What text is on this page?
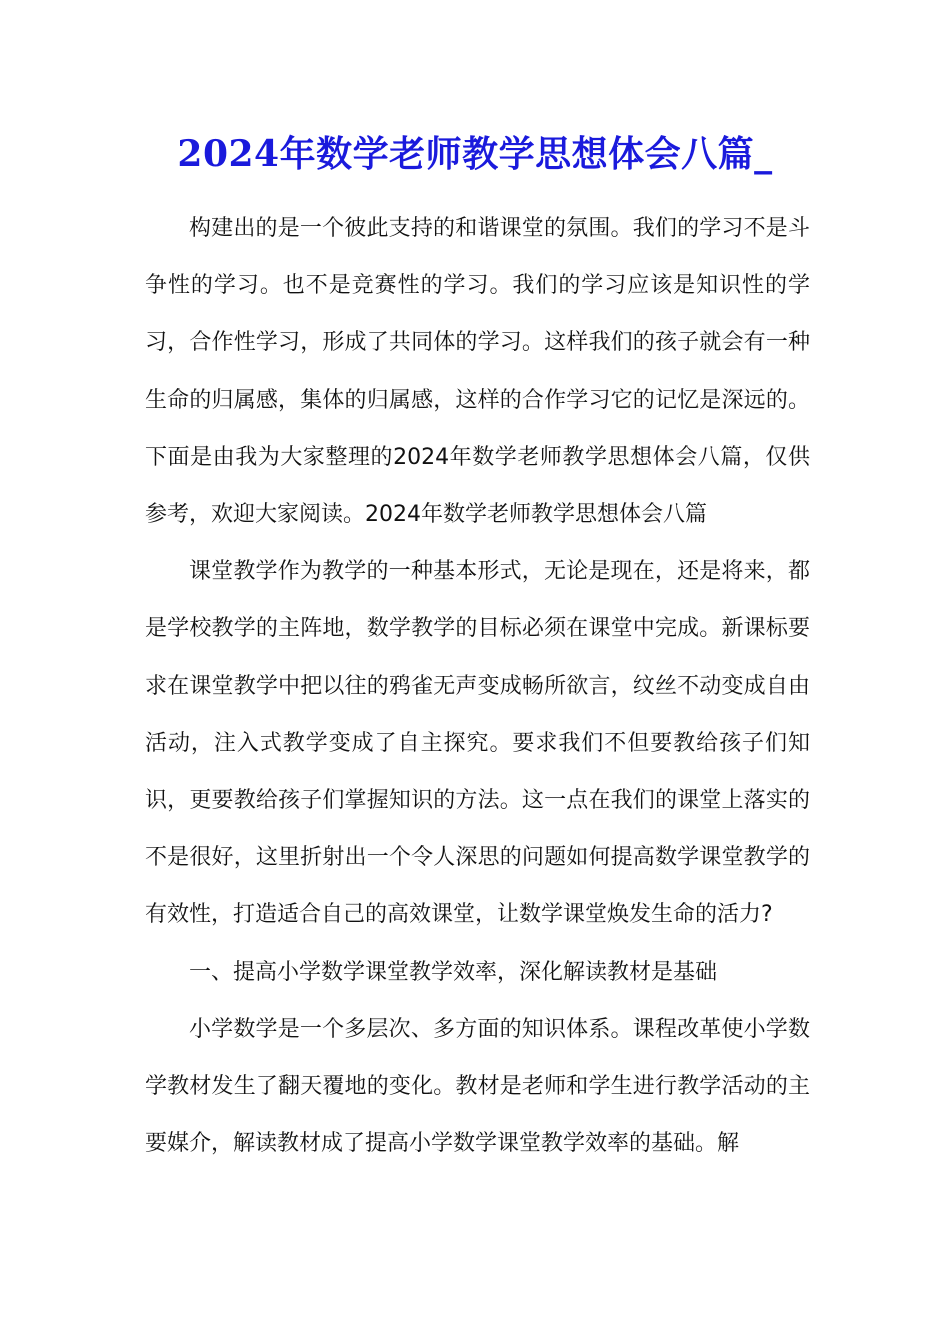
2024年数学老师教学思想体会八篇_

构建出的是一个彼此支持的和谐课堂的氛围。我们的学习不是斗争性的学习。也不是竞赛性的学习。我们的学习应该是知识性的学习，合作性学习，形成了共同体的学习。这样我们的孩子就会有一种生命的归属感，集体的归属感，这样的合作学习它的记忆是深远的。下面是由我为大家整理的2024年数学老师教学思想体会八篇，仅供参考，欢迎大家阅读。2024年数学老师教学思想体会八篇

课堂教学作为教学的一种基本形式，无论是现在，还是将来，都是学校教学的主阵地，数学教学的目标必须在课堂中完成。新课标要求在课堂教学中把以往的鸦雀无声变成畅所欲言，纹丝不动变成自由活动，注入式教学变成了自主探究。要求我们不但要教给孩子们知识，更要教给孩子们掌握知识的方法。这一点在我们的课堂上落实的不是很好，这里折射出一个令人深思的问题如何提高数学课堂教学的有效性，打造适合自己的高效课堂，让数学课堂焕发生命的活力?

一、提高小学数学课堂教学效率，深化解读教材是基础

小学数学是一个多层次、多方面的知识体系。课程改革使小学数学教材发生了翻天覆地的变化。教材是老师和学生进行教学活动的主要媒介，解读教材成了提高小学数学课堂教学效率的基础。解
